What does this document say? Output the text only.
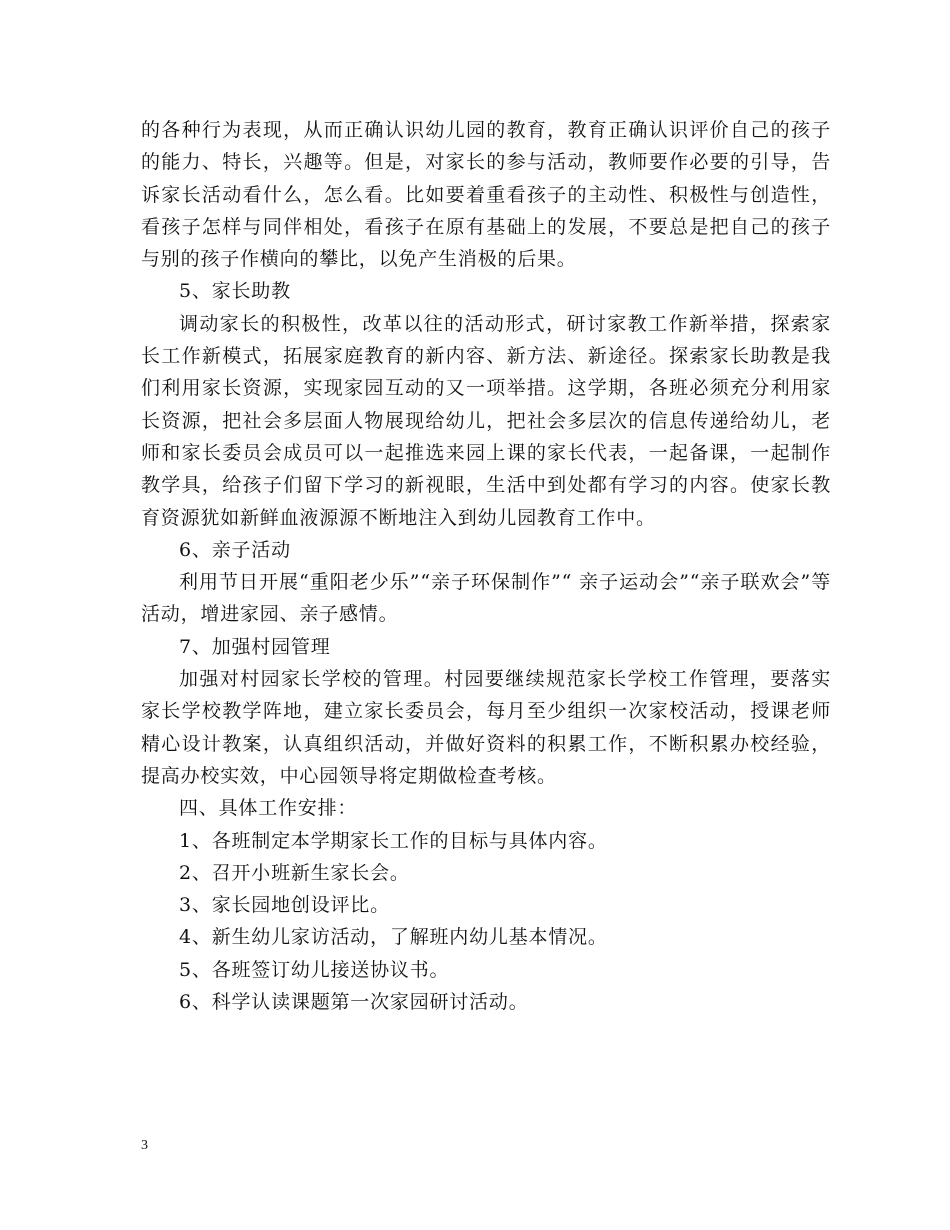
的各种行为表现，从而正确认识幼儿园的教育，教育正确认识评价自己的孩子的能力、特长，兴趣等。但是，对家长的参与活动，教师要作必要的引导，告诉家长活动看什么，怎么看。比如要着重看孩子的主动性、积极性与创造性，看孩子怎样与同伴相处，看孩子在原有基础上的发展，不要总是把自己的孩子与别的孩子作横向的攀比，以免产生消极的后果。

5、家长助教

调动家长的积极性，改革以往的活动形式，研讨家教工作新举措，探索家长工作新模式，拓展家庭教育的新内容、新方法、新途径。探索家长助教是我们利用家长资源，实现家园互动的又一项举措。这学期，各班必须充分利用家长资源，把社会多层面人物展现给幼儿，把社会多层次的信息传递给幼儿，老师和家长委员会成员可以一起推选来园上课的家长代表，一起备课，一起制作教学具，给孩子们留下学习的新视眼，生活中到处都有学习的内容。使家长教育资源犹如新鲜血液源源不断地注入到幼儿园教育工作中。

6、亲子活动

利用节日开展“重阳老少乐”“亲子环保制作”“ 亲子运动会”“亲子联欢会”等活动，增进家园、亲子感情。

7、加强村园管理

加强对村园家长学校的管理。村园要继续规范家长学校工作管理，要落实家长学校教学阵地，建立家长委员会，每月至少组织一次家校活动，授课老师精心设计教案，认真组织活动，并做好资料的积累工作，不断积累办校经验，提高办校实效，中心园领导将定期做检查考核。

四、具体工作安排：

1、各班制定本学期家长工作的目标与具体内容。

2、召开小班新生家长会。

3、家长园地创设评比。

4、新生幼儿家访活动，了解班内幼儿基本情况。

5、各班签订幼儿接送协议书。

6、科学认读课题第一次家园研讨活动。

3
